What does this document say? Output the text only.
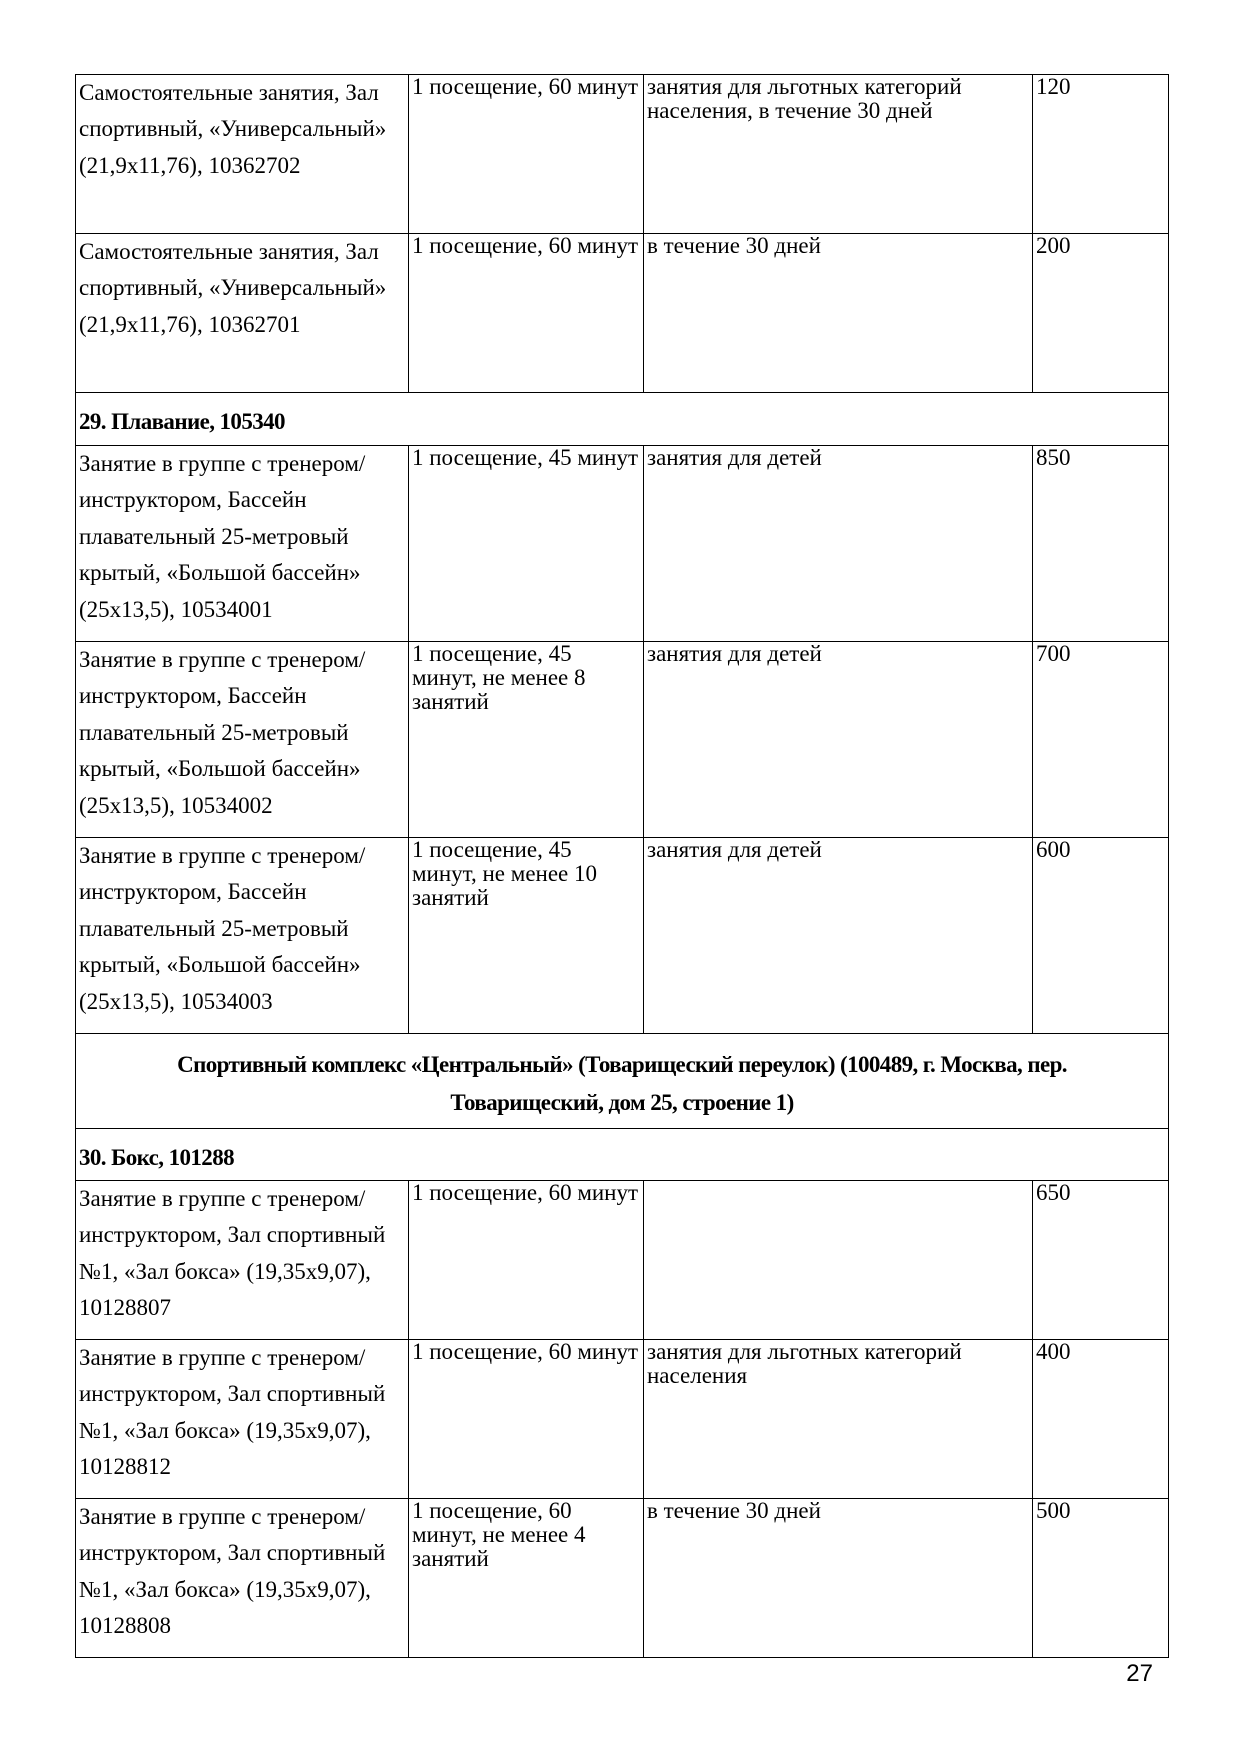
Самостоятельные занятия, Зал спортивный, «Универсальный» (21,9х11,76), 10362702	1 посещение, 60 минут	занятия для льготных категорий населения, в течение 30 дней	120
Самостоятельные занятия, Зал спортивный, «Универсальный» (21,9х11,76), 10362701	1 посещение, 60 минут	в течение 30 дней	200
29. Плавание, 105340			
Занятие в группе с тренером/инструктором, Бассейн плавательный 25-метровый крытый, «Большой бассейн» (25х13,5), 10534001	1 посещение, 45 минут	занятия для детей	850
Занятие в группе с тренером/инструктором, Бассейн плавательный 25-метровый крытый, «Большой бассейн» (25х13,5), 10534002	1 посещение, 45 минут, не менее 8 занятий	занятия для детей	700
Занятие в группе с тренером/инструктором, Бассейн плавательный 25-метровый крытый, «Большой бассейн» (25х13,5), 10534003	1 посещение, 45 минут, не менее 10 занятий	занятия для детей	600
Спортивный комплекс «Центральный» (Товарищеский переулок) (100489, г. Москва, пер. Товарищеский, дом 25, строение 1)			
30. Бокс, 101288			
Занятие в группе с тренером/инструктором, Зал спортивный №1, «Зал бокса» (19,35х9,07), 10128807	1 посещение, 60 минут		650
Занятие в группе с тренером/инструктором, Зал спортивный №1, «Зал бокса» (19,35х9,07), 10128812	1 посещение, 60 минут	занятия для льготных категорий населения	400
Занятие в группе с тренером/инструктором, Зал спортивный №1, «Зал бокса» (19,35х9,07), 10128808	1 посещение, 60 минут, не менее 4 занятий	в течение 30 дней	500
27
